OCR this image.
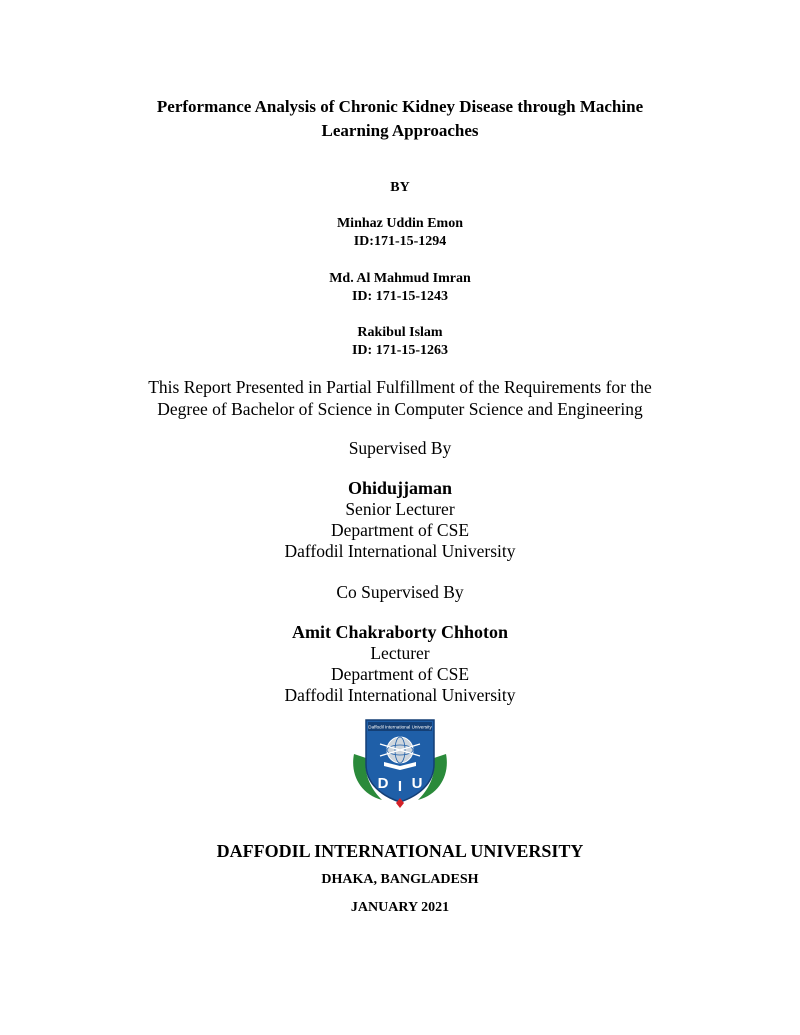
Performance Analysis of Chronic Kidney Disease through Machine
Learning Approaches
BY
Minhaz Uddin Emon
ID:171-15-1294
Md. Al Mahmud Imran
ID: 171-15-1243
Rakibul Islam
ID: 171-15-1263
This Report Presented in Partial Fulfillment of the Requirements for the
Degree of Bachelor of Science in Computer Science and Engineering
Supervised By
Ohidujjaman
Senior Lecturer
Department of CSE
Daffodil International University
Co Supervised By
Amit Chakraborty Chhoton
Lecturer
Department of CSE
Daffodil International University
Daffodil International University
D I U
DAFFODIL INTERNATIONAL UNIVERSITY
DHAKA, BANGLADESH
JANUARY 2021
